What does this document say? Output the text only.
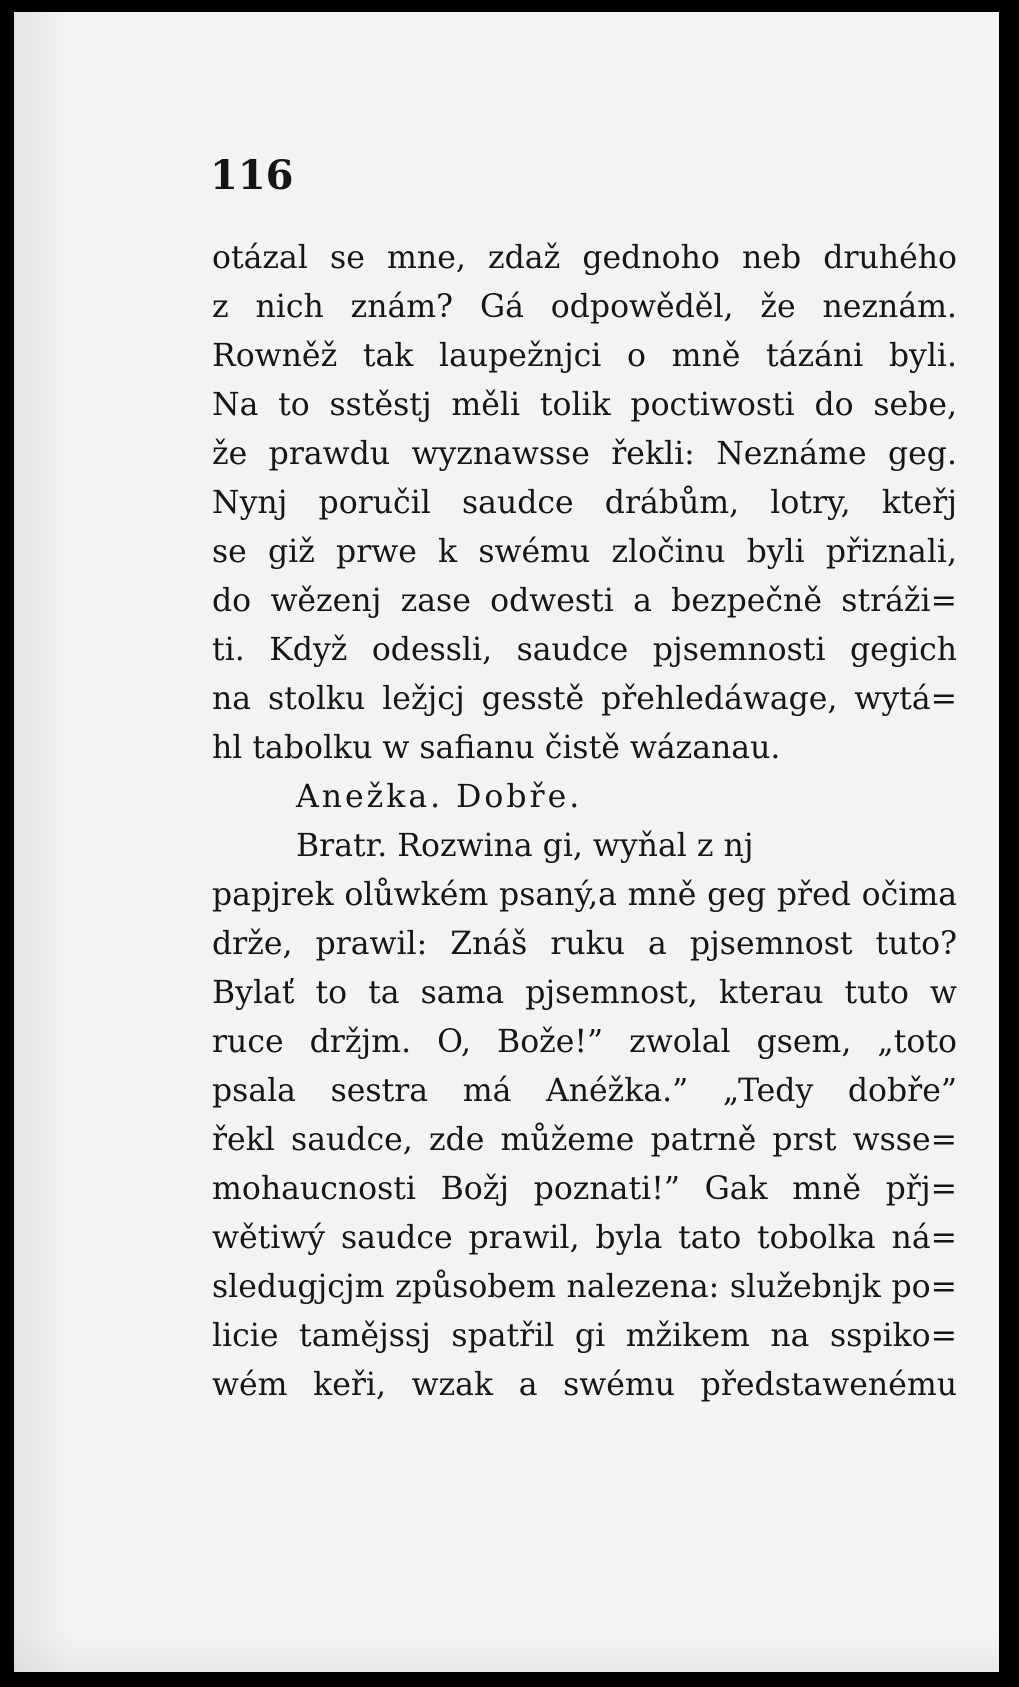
116
otázal se mne, zdaž gednoho neb druhého
z nich znám? Gá odpowěděl, že neznám.
Rowněž tak laupežnjci o mně tázáni byli.
Na to sstěstj měli tolik poctiwosti do sebe,
že prawdu wyznawsse řekli: Neznáme geg.
Nynj poručil saudce drábům, lotry, kteřj
se giž prwe k swému zločinu byli přiznali,
do wězenj zase odwesti a bezpečně stráži=
ti. Když odessli, saudce pjsemnosti gegich
na stolku ležjcj gesstě přehledáwage, wytá=
hl tabolku w safianu čistě wázanau.
Anežka. Dobře.
Bratr. Rozwina gi, wyňal z nj
papjrek olůwkém psaný,a mně geg před očima
drže, prawil: Znáš ruku a pjsemnost tuto?
Bylať to ta sama pjsemnost, kterau tuto w
ruce držjm. O, Bože!” zwolal gsem, „toto
psala sestra má Anéžka.” „Tedy dobře”
řekl saudce, zde můžeme patrně prst wsse=
mohaucnosti Božj poznati!” Gak mně přj=
wětiwý saudce prawil, byla tato tobolka ná=
sledugjcjm způsobem nalezena: služebnjk po=
licie tamějssj spatřil gi mžikem na sspiko=
wém keři, wzak a swému předstawenému
